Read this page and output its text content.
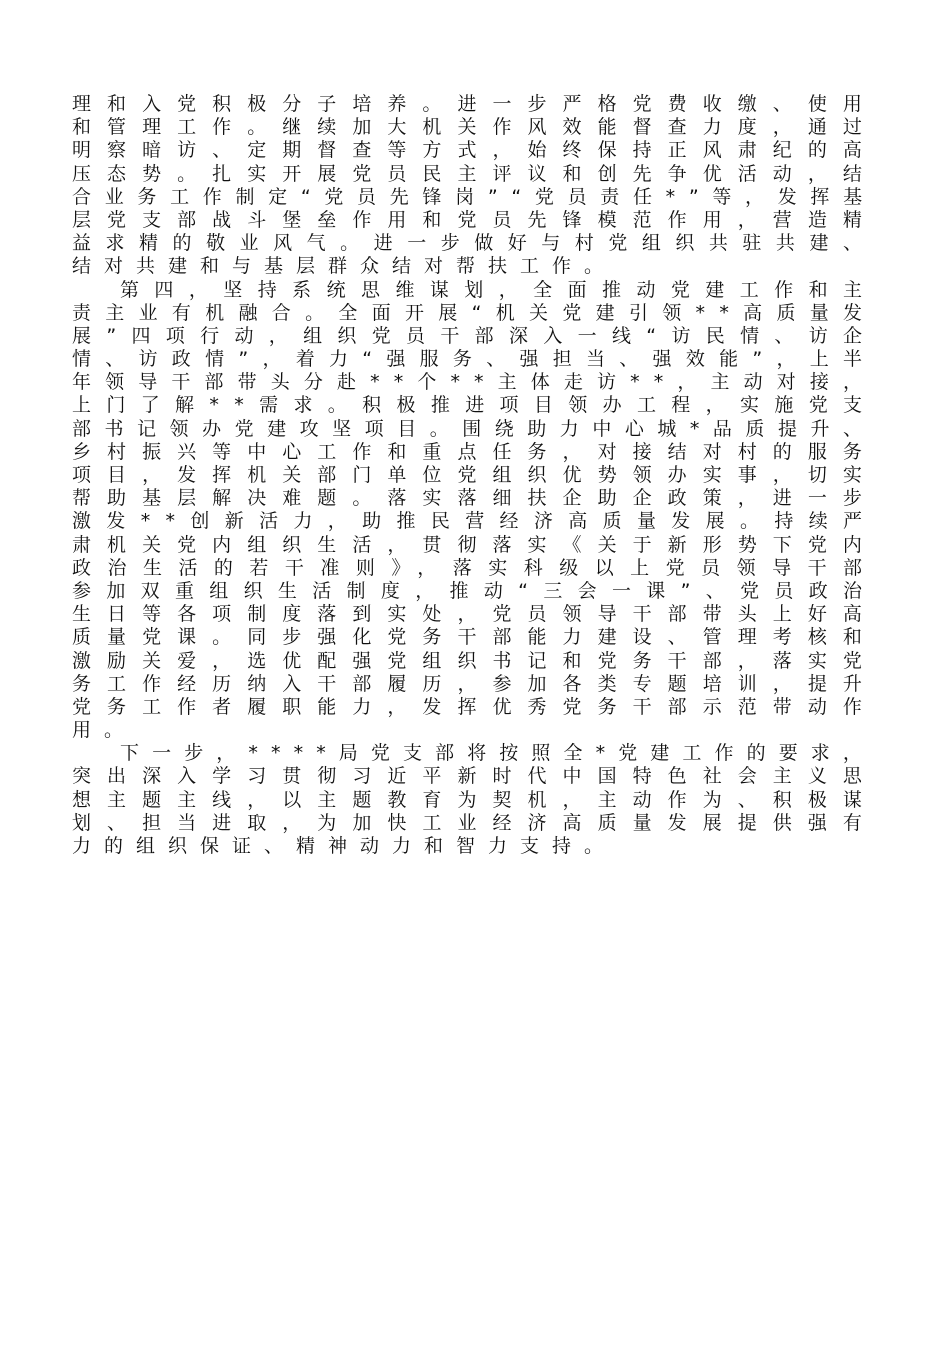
理和入党积极分子培养。进一步严格党费收缴、使用
和管理工作。继续加大机关作风效能督查力度，通过
明察暗访、定期督查等方式，始终保持正风肃纪的高
压态势。扎实开展党员民主评议和创先争优活动，结
合业务工作制定“党员先锋岗”“党员责任*”等，发挥基
层党支部战斗堡垒作用和党员先锋模范作用，营造精
益求精的敬业风气。进一步做好与村党组织共驻共建、
结对共建和与基层群众结对帮扶工作。
第四，坚持系统思维谋划，全面推动党建工作和主
责主业有机融合。全面开展“机关党建引领**高质量发
展”四项行动，组织党员干部深入一线“访民情、访企
情、访政情”，着力“强服务、强担当、强效能”，上半
年领导干部带头分赴**个**主体走访**，主动对接，
上门了解**需求。积极推进项目领办工程，实施党支
部书记领办党建攻坚项目。围绕助力中心城*品质提升、
乡村振兴等中心工作和重点任务，对接结对村的服务
项目，发挥机关部门单位党组织优势领办实事，切实
帮助基层解决难题。落实落细扶企助企政策，进一步
激发**创新活力，助推民营经济高质量发展。持续严
肃机关党内组织生活，贯彻落实《关于新形势下党内
政治生活的若干准则》，落实科级以上党员领导干部
参加双重组织生活制度，推动“三会一课”、党员政治
生日等各项制度落到实处，党员领导干部带头上好高
质量党课。同步强化党务干部能力建设、管理考核和
激励关爱，选优配强党组织书记和党务干部，落实党
务工作经历纳入干部履历，参加各类专题培训，提升
党务工作者履职能力，发挥优秀党务干部示范带动作
用。
下一步，****局党支部将按照全*党建工作的要求，
突出深入学习贯彻习近平新时代中国特色社会主义思
想主题主线，以主题教育为契机，主动作为、积极谋
划、担当进取，为加快工业经济高质量发展提供强有
力的组织保证、精神动力和智力支持。
